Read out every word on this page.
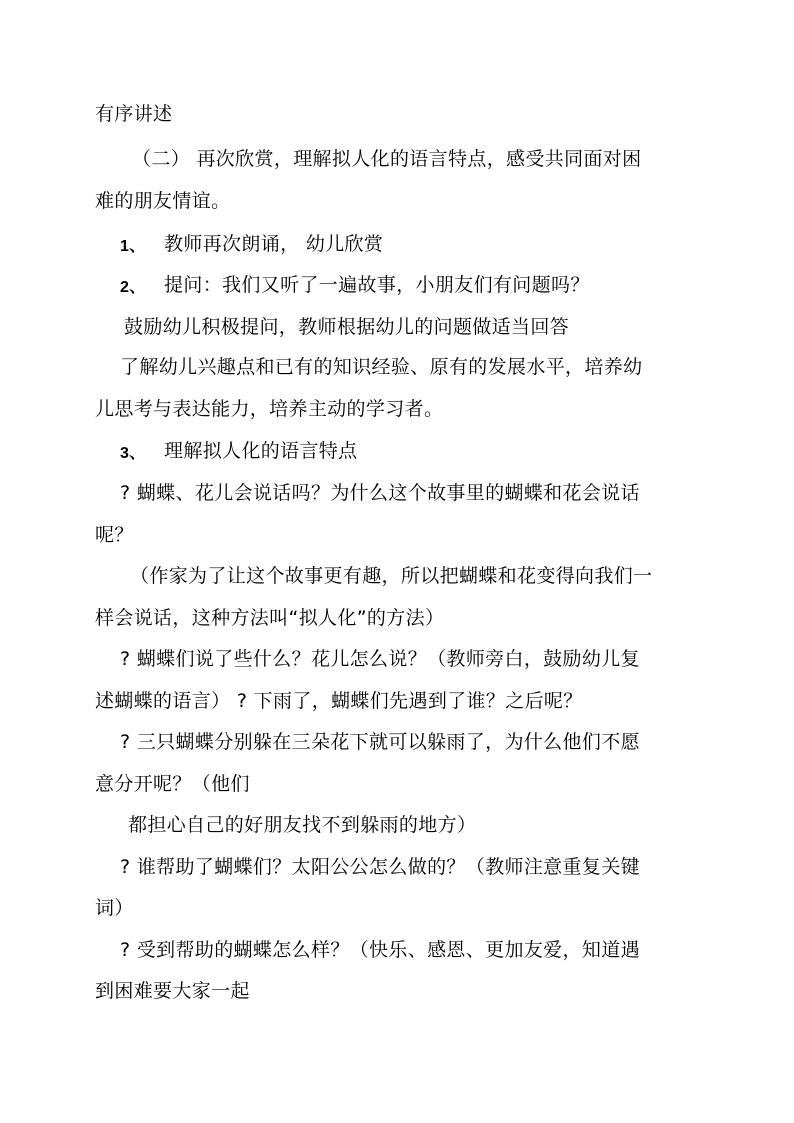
有序讲述
（二） 再次欣赏，理解拟人化的语言特点，感受共同面对困
难的朋友情谊。
1、 教师再次朗诵， 幼儿欣赏
2、 提问：我们又听了一遍故事，小朋友们有问题吗？
鼓励幼儿积极提问，教师根据幼儿的问题做适当回答
了解幼儿兴趣点和已有的知识经验、原有的发展水平，培养幼
儿思考与表达能力，培养主动的学习者。
3、 理解拟人化的语言特点
? 蝴蝶、花儿会说话吗？为什么这个故事里的蝴蝶和花会说话
呢？
（作家为了让这个故事更有趣，所以把蝴蝶和花变得向我们一
样会说话，这种方法叫“拟人化”的方法）
? 蝴蝶们说了些什么？花儿怎么说？（教师旁白，鼓励幼儿复
述蝴蝶的语言） ? 下雨了，蝴蝶们先遇到了谁？之后呢？
? 三只蝴蝶分别躲在三朵花下就可以躲雨了，为什么他们不愿
意分开呢？（他们
都担心自己的好朋友找不到躲雨的地方）
? 谁帮助了蝴蝶们？太阳公公怎么做的？（教师注意重复关键
词）
? 受到帮助的蝴蝶怎么样？（快乐、感恩、更加友爱，知道遇
到困难要大家一起
